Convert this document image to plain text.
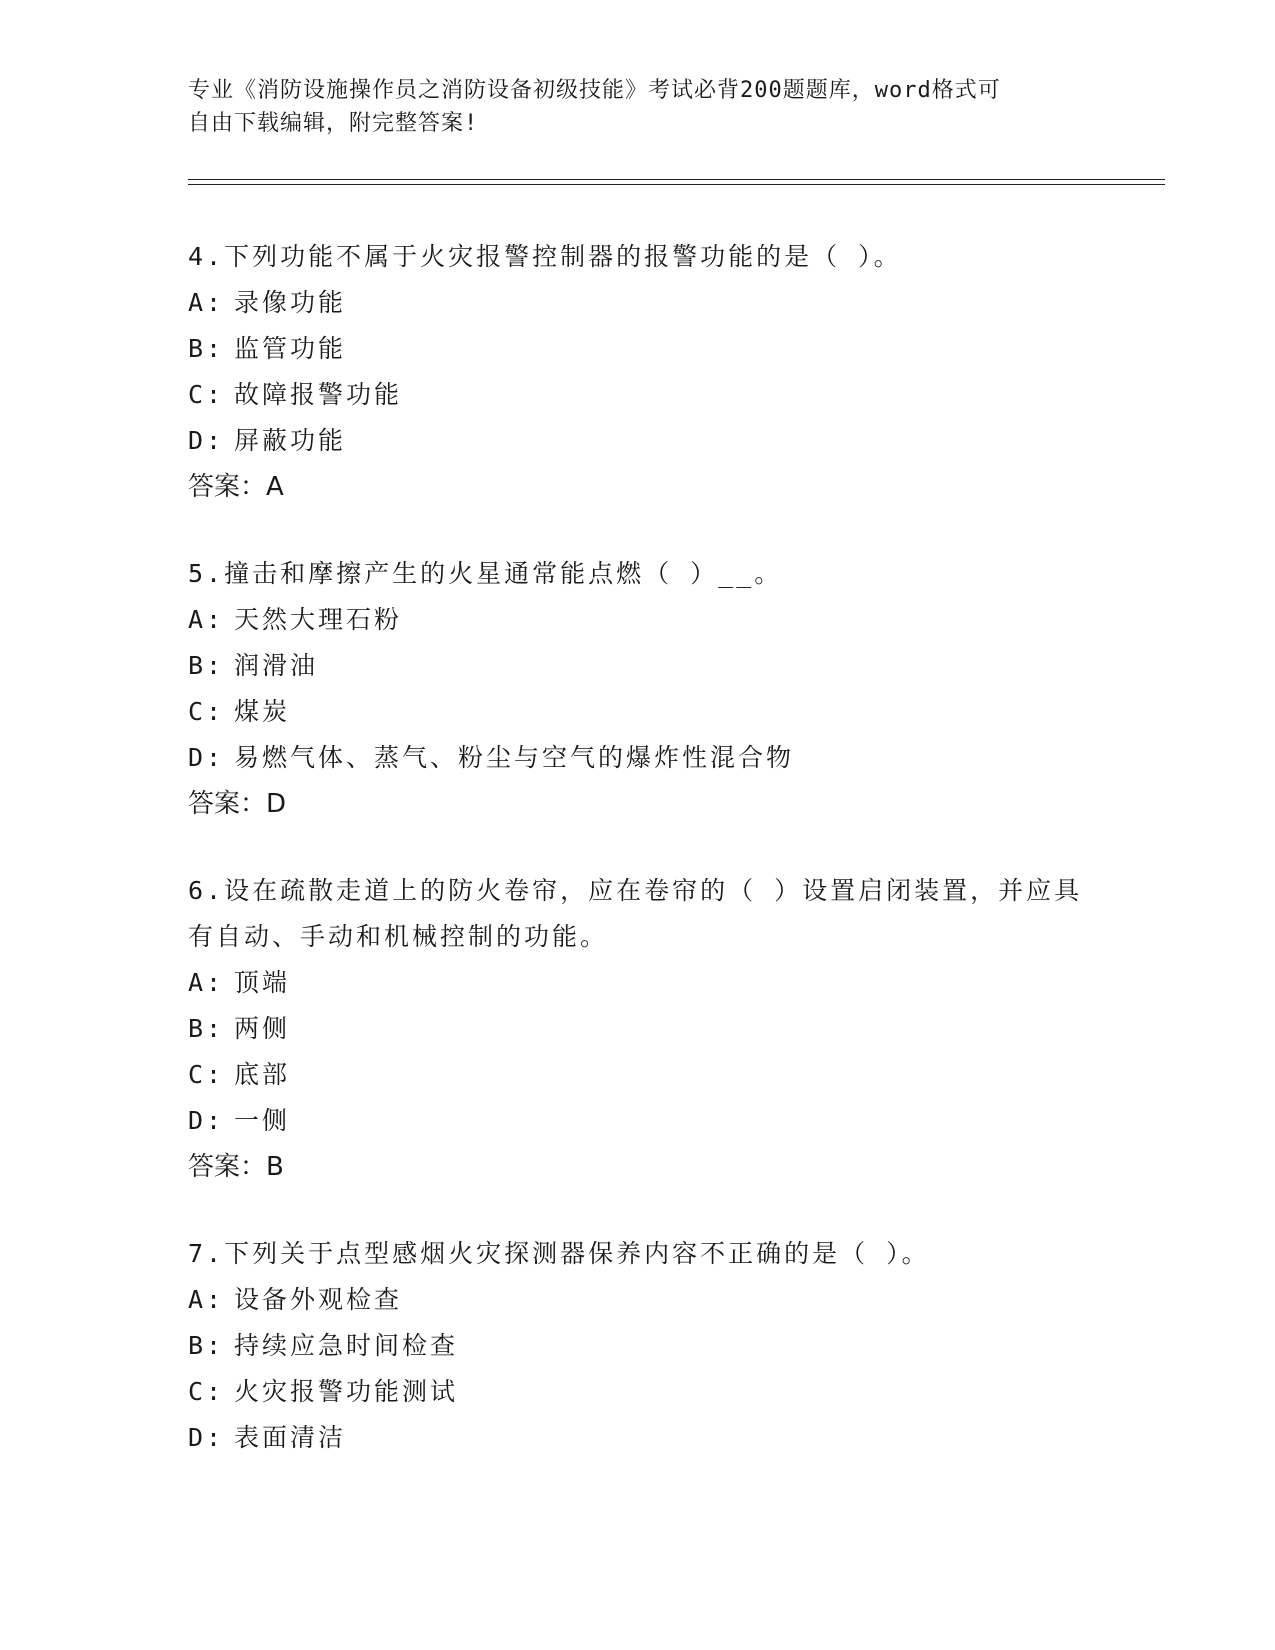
专业《消防设施操作员之消防设备初级技能》考试必背200题题库，word格式可
自由下载编辑，附完整答案!
4.下列功能不属于火灾报警控制器的报警功能的是（ ）。
A: 录像功能
B: 监管功能
C: 故障报警功能
D: 屏蔽功能
答案：A
5.撞击和摩擦产生的火星通常能点燃（ ）__。
A: 天然大理石粉
B: 润滑油
C: 煤炭
D: 易燃气体、蒸气、粉尘与空气的爆炸性混合物
答案：D
6.设在疏散走道上的防火卷帘，应在卷帘的（ ）设置启闭装置，并应具有自动、手动和机械控制的功能。
A: 顶端
B: 两侧
C: 底部
D: 一侧
答案：B
7.下列关于点型感烟火灾探测器保养内容不正确的是（ ）。
A: 设备外观检查
B: 持续应急时间检查
C: 火灾报警功能测试
D: 表面清洁
